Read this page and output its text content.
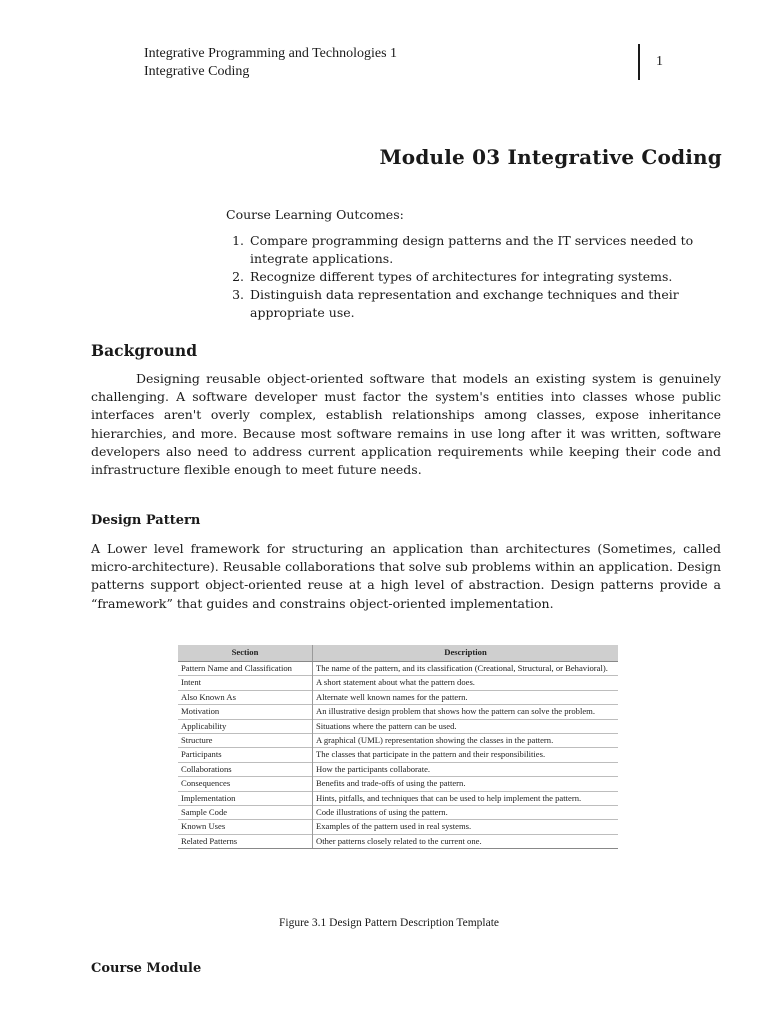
Integrative Programming and Technologies 1
Integrative Coding
1
Module 03 Integrative Coding

Course Learning Outcomes:

1. Compare programming design patterns and the IT services needed to integrate applications.
2. Recognize different types of architectures for integrating systems.
3. Distinguish data representation and exchange techniques and their appropriate use.
Background

Designing reusable object-oriented software that models an existing system is genuinely challenging. A software developer must factor the system's entities into classes whose public interfaces aren't overly complex, establish relationships among classes, expose inheritance hierarchies, and more. Because most software remains in use long after it was written, software developers also need to address current application requirements while keeping their code and infrastructure flexible enough to meet future needs.

Design Pattern

A Lower level framework for structuring an application than architectures (Sometimes, called micro-architecture). Reusable collaborations that solve sub problems within an application. Design patterns support object-oriented reuse at a high level of abstraction. Design patterns provide a “framework” that guides and constrains object-oriented implementation.

Section	Description
Pattern Name and Classification	The name of the pattern, and its classification (Creational, Structural, or Behavioral).
Intent	A short statement about what the pattern does.
Also Known As	Alternate well known names for the pattern.
Motivation	An illustrative design problem that shows how the pattern can solve the problem.
Applicability	Situations where the pattern can be used.
Structure	A graphical (UML) representation showing the classes in the pattern.
Participants	The classes that participate in the pattern and their responsibilities.
Collaborations	How the participants collaborate.
Consequences	Benefits and trade-offs of using the pattern.
Implementation	Hints, pitfalls, and techniques that can be used to help implement the pattern.
Sample Code	Code illustrations of using the pattern.
Known Uses	Examples of the pattern used in real systems.
Related Patterns	Other patterns closely related to the current one.
Figure 3.1 Design Pattern Description Template
Course Module
